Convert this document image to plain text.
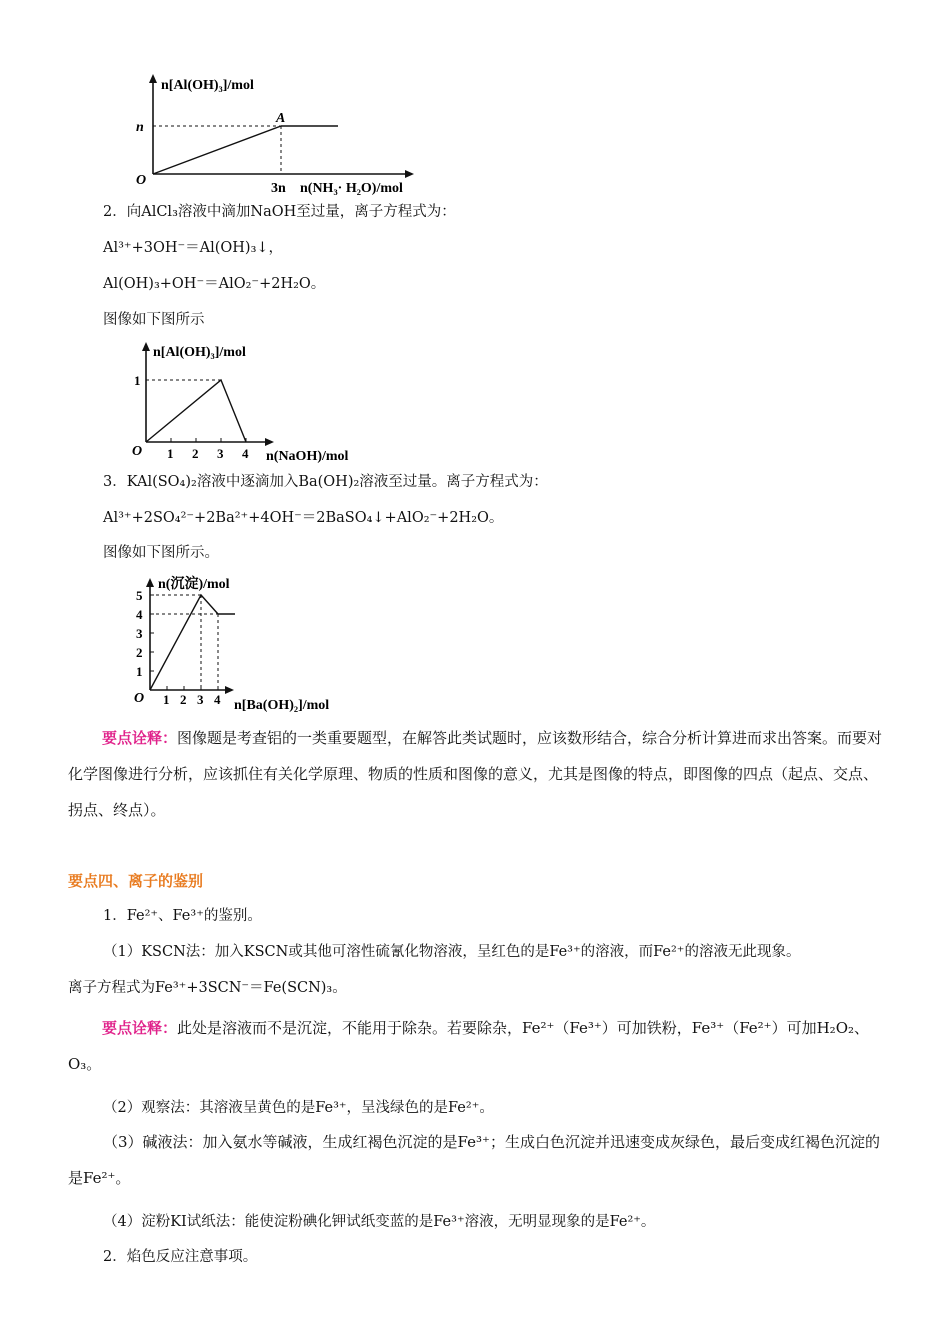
n[Al(OH)₃]/mol
n
A
O
3n n(NH₃· H₂O)/mol
2．向AlCl₃溶液中滴加NaOH至过量，离子方程式为：
Al³⁺+3OH⁻＝Al(OH)₃↓，
Al(OH)₃+OH⁻＝AlO₂⁻+2H₂O。
图像如下图所示
1 2 3 4
1
n[Al(OH)₃]/mol
O	n(NaOH)/mol
3．KAl(SO₄)₂溶液中逐滴加入Ba(OH)₂溶液至过量。离子方程式为：
Al³⁺+2SO₄²⁻+2Ba²⁺+4OH⁻＝2BaSO₄↓+AlO₂⁻+2H₂O。
图像如下图所示。
1 2 3 4
1
2
3
4
5
n(沉淀)/mol
O	n[Ba(OH)₂]/mol
要点诠释：图像题是考查铝的一类重要题型，在解答此类试题时，应该数形结合，综合分析计算进而求出答案。而要对化学图像进行分析，应该抓住有关化学原理、物质的性质和图像的意义，尤其是图像的特点，即图像的四点（起点、交点、拐点、终点）。
要点四、离子的鉴别
1．Fe²⁺、Fe³⁺的鉴别。
（1）KSCN法：加入KSCN或其他可溶性硫氰化物溶液，呈红色的是Fe³⁺的溶液，而Fe²⁺的溶液无此现象。
离子方程式为Fe³⁺+3SCN⁻＝Fe(SCN)₃。
要点诠释：此处是溶液而不是沉淀，不能用于除杂。若要除杂，Fe²⁺（Fe³⁺）可加铁粉，Fe³⁺（Fe²⁺）可加H₂O₂、O₃。
（2）观察法：其溶液呈黄色的是Fe³⁺，呈浅绿色的是Fe²⁺。
（3）碱液法：加入氨水等碱液，生成红褐色沉淀的是Fe³⁺；生成白色沉淀并迅速变成灰绿色，最后变成红褐色沉淀的是Fe²⁺。
（4）淀粉KI试纸法：能使淀粉碘化钾试纸变蓝的是Fe³⁺溶液，无明显现象的是Fe²⁺。
2．焰色反应注意事项。
